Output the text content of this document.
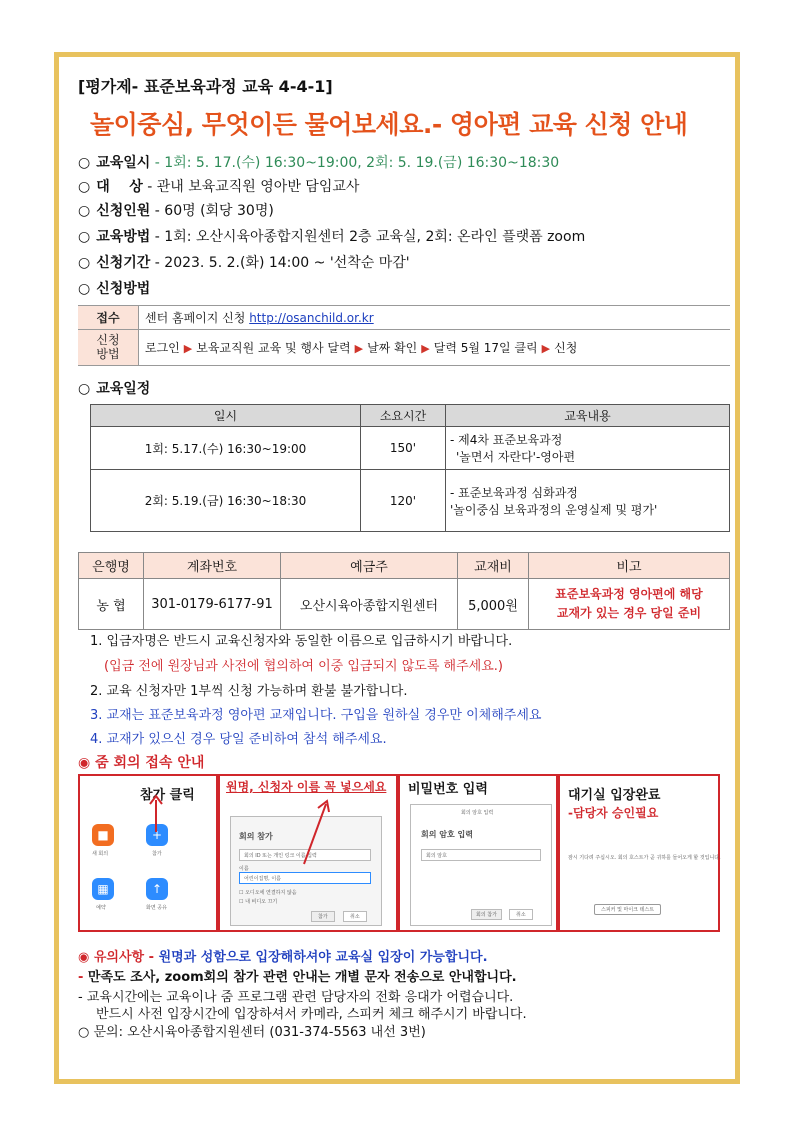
[평가제- 표준보육과정 교육 4-4-1]
놀이중심, 무엇이든 물어보세요.- 영아편 교육 신청 안내
○ 교육일시 - 1회: 5. 17.(수) 16:30~19:00, 2회: 5. 19.(금) 16:30~18:30
○ 대    상 - 관내 보육교직원 영아반 담임교사
○ 신청인원 - 60명 (회당 30명)
○ 교육방법 - 1회: 오산시육아종합지원센터 2층 교육실, 2회: 온라인 플랫폼 zoom
○ 신청기간 - 2023. 5. 2.(화) 14:00 ~ '선착순 마감'
○ 신청방법
접수	센터 홈페이지 신청 http://osanchild.or.kr
신청
방법	로그인 ▶ 보육교직원 교육 및 행사 달력 ▶ 날짜 확인 ▶ 달력 5월 17일 클릭 ▶ 신청
○ 교육일정
일시	소요시간	교육내용
1회: 5.17.(수) 16:30~19:00	150'	- 제4차 표준보육과정
'놀면서 자란다'-영아편

2회: 5.19.(금) 16:30~18:30	120'	- 표준보육과정 심화과정
'놀이중심 보육과정의 운영실제 및 평가'
은행명	계좌번호	예금주	교재비	비고
농 협	301-0179-6177-91	오산시육아종합지원센터	5,000원	표준보육과정 영아편에 해당
교재가 있는 경우 당일 준비
1. 입금자명은 반드시 교육신청자와 동일한 이름으로 입금하시기 바랍니다.
(입금 전에 원장님과 사전에 협의하여 이중 입금되지 않도록 해주세요.)
2. 교육 신청자만 1부씩 신청 가능하며 환불 불가합니다.
3. 교재는 표준보육과정 영아편 교재입니다. 구입을 원하실 경우만 이체해주세요
4. 교재가 있으신 경우 당일 준비하여 참석 해주세요.
◉ 줌 회의 접속 안내
참가 클릭
■
새 회의
+
참가
▦
예약
↑
화면 공유
원명, 신청자 이름 꼭 넣으세요
회의 참가
회의 ID 또는 개인 링크 이름 입력
이름
어린이집명, 이름
☐ 오디오에 연결하지 않음
☐ 내 비디오 끄기
참가	취소
비밀번호 입력
회의 암호 입력
회의 암호 입력
회의 암호
회의 참가	취소
대기실 입장완료
-담당자 승인필요
잠시 기다려 주십시오. 회의 호스트가 곧 귀하를 들어오게 할 것입니다.
스피커 및 마이크 테스트
◉ 유의사항 - 원명과 성함으로 입장해하셔야 교육실 입장이 가능합니다.
- 만족도 조사, zoom회의 참가 관련 안내는 개별 문자 전송으로 안내합니다.
- 교육시간에는 교육이나 줌 프로그램 관련 담당자의 전화 응대가 어렵습니다.
반드시 사전 입장시간에 입장하셔서 카메라, 스피커 체크 해주시기 바랍니다.
○ 문의: 오산시육아종합지원센터 (031-374-5563 내선 3번)
